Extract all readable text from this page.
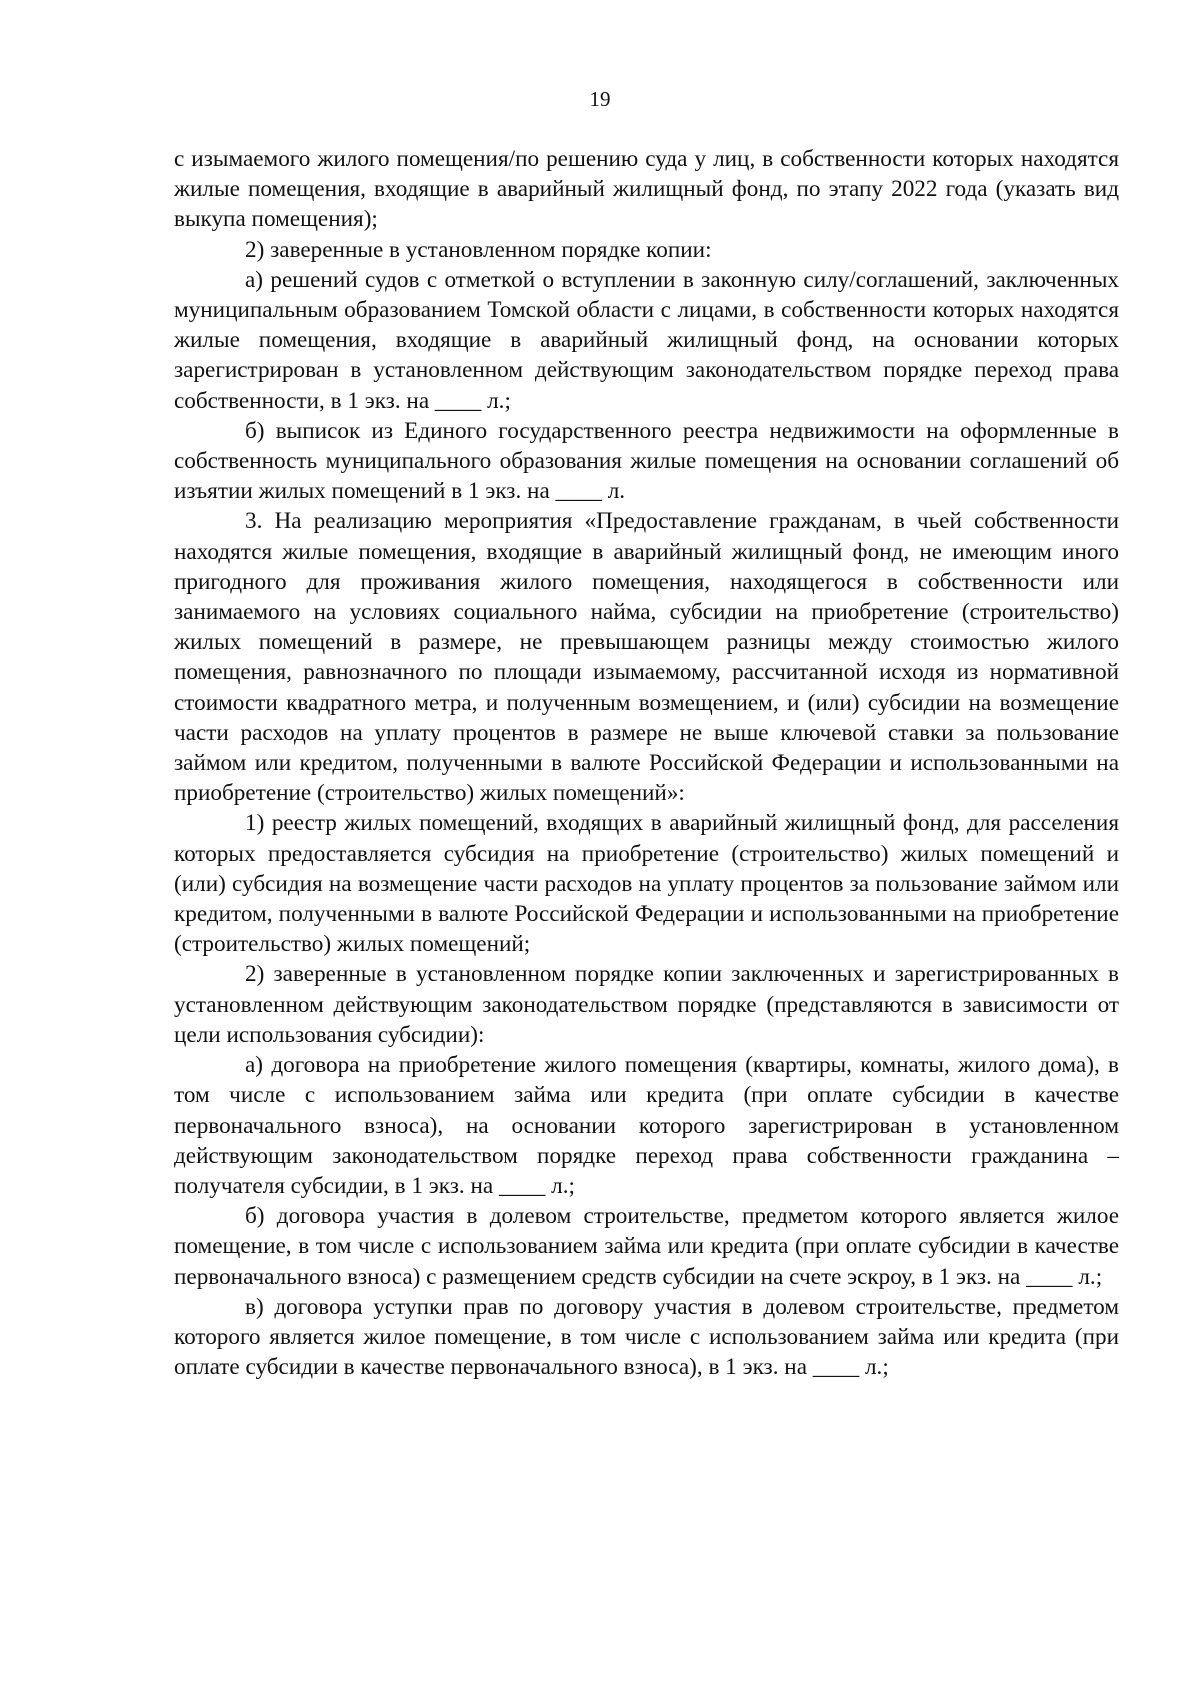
19

с изымаемого жилого помещения/по решению суда у лиц, в собственности которых находятся жилые помещения, входящие в аварийный жилищный фонд, по этапу 2022 года (указать вид выкупа помещения);

2) заверенные в установленном порядке копии:

а) решений судов с отметкой о вступлении в законную силу/соглашений, заключенных муниципальным образованием Томской области с лицами, в собственности которых находятся жилые помещения, входящие в аварийный жилищный фонд, на основании которых зарегистрирован в установленном действующим законодательством порядке переход права собственности, в 1 экз. на ____ л.;

б) выписок из Единого государственного реестра недвижимости на оформленные в собственность муниципального образования жилые помещения на основании соглашений об изъятии жилых помещений в 1 экз. на ____ л.

3. На реализацию мероприятия «Предоставление гражданам, в чьей собственности находятся жилые помещения, входящие в аварийный жилищный фонд, не имеющим иного пригодного для проживания жилого помещения, находящегося в собственности или занимаемого на условиях социального найма, субсидии на приобретение (строительство) жилых помещений в размере, не превышающем разницы между стоимостью жилого помещения, равнозначного по площади изымаемому, рассчитанной исходя из нормативной стоимости квадратного метра, и полученным возмещением, и (или) субсидии на возмещение части расходов на уплату процентов в размере не выше ключевой ставки за пользование займом или кредитом, полученными в валюте Российской Федерации и использованными на приобретение (строительство) жилых помещений»:

1) реестр жилых помещений, входящих в аварийный жилищный фонд, для расселения которых предоставляется субсидия на приобретение (строительство) жилых помещений и (или) субсидия на возмещение части расходов на уплату процентов за пользование займом или кредитом, полученными в валюте Российской Федерации и использованными на приобретение (строительство) жилых помещений;

2) заверенные в установленном порядке копии заключенных и зарегистрированных в установленном действующим законодательством порядке (представляются в зависимости от цели использования субсидии):

а) договора на приобретение жилого помещения (квартиры, комнаты, жилого дома), в том числе с использованием займа или кредита (при оплате субсидии в качестве первоначального взноса), на основании которого зарегистрирован в установленном действующим законодательством порядке переход права собственности гражданина – получателя субсидии, в 1 экз. на ____ л.;

б) договора участия в долевом строительстве, предметом которого является жилое помещение, в том числе с использованием займа или кредита (при оплате субсидии в качестве первоначального взноса) с размещением средств субсидии на счете эскроу, в 1 экз. на ____ л.;

в) договора уступки прав по договору участия в долевом строительстве, предметом которого является жилое помещение, в том числе с использованием займа или кредита (при оплате субсидии в качестве первоначального взноса), в 1 экз. на ____ л.;
